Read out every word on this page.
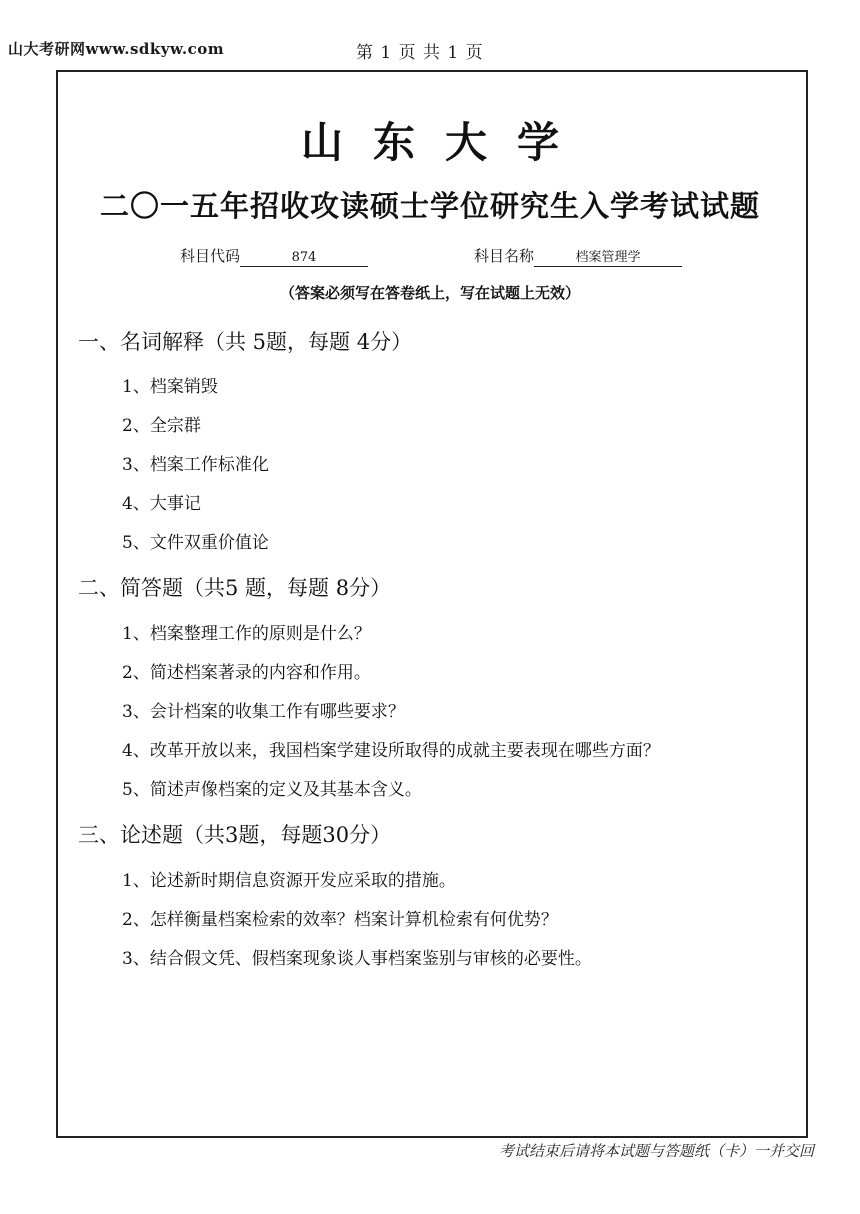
山大考研网www.sdkyw.com	第 1 页 共 1 页
山东大学
二〇一五年招收攻读硕士学位研究生入学考试试题
科目代码	874	科目名称	档案管理学
（答案必须写在答卷纸上，写在试题上无效）
一、名词解释（共 5题，每题 4分）
1、档案销毁
2、全宗群
3、档案工作标准化
4、大事记
5、文件双重价值论
二、简答题（共5 题，每题 8分）
1、档案整理工作的原则是什么？
2、简述档案著录的内容和作用。
3、会计档案的收集工作有哪些要求？
4、改革开放以来，我国档案学建设所取得的成就主要表现在哪些方面？
5、简述声像档案的定义及其基本含义。
三、论述题（共3题，每题30分）
1、论述新时期信息资源开发应采取的措施。
2、怎样衡量档案检索的效率？档案计算机检索有何优势？
3、结合假文凭、假档案现象谈人事档案鉴别与审核的必要性。
考试结束后请将本试题与答题纸（卡）一并交回
